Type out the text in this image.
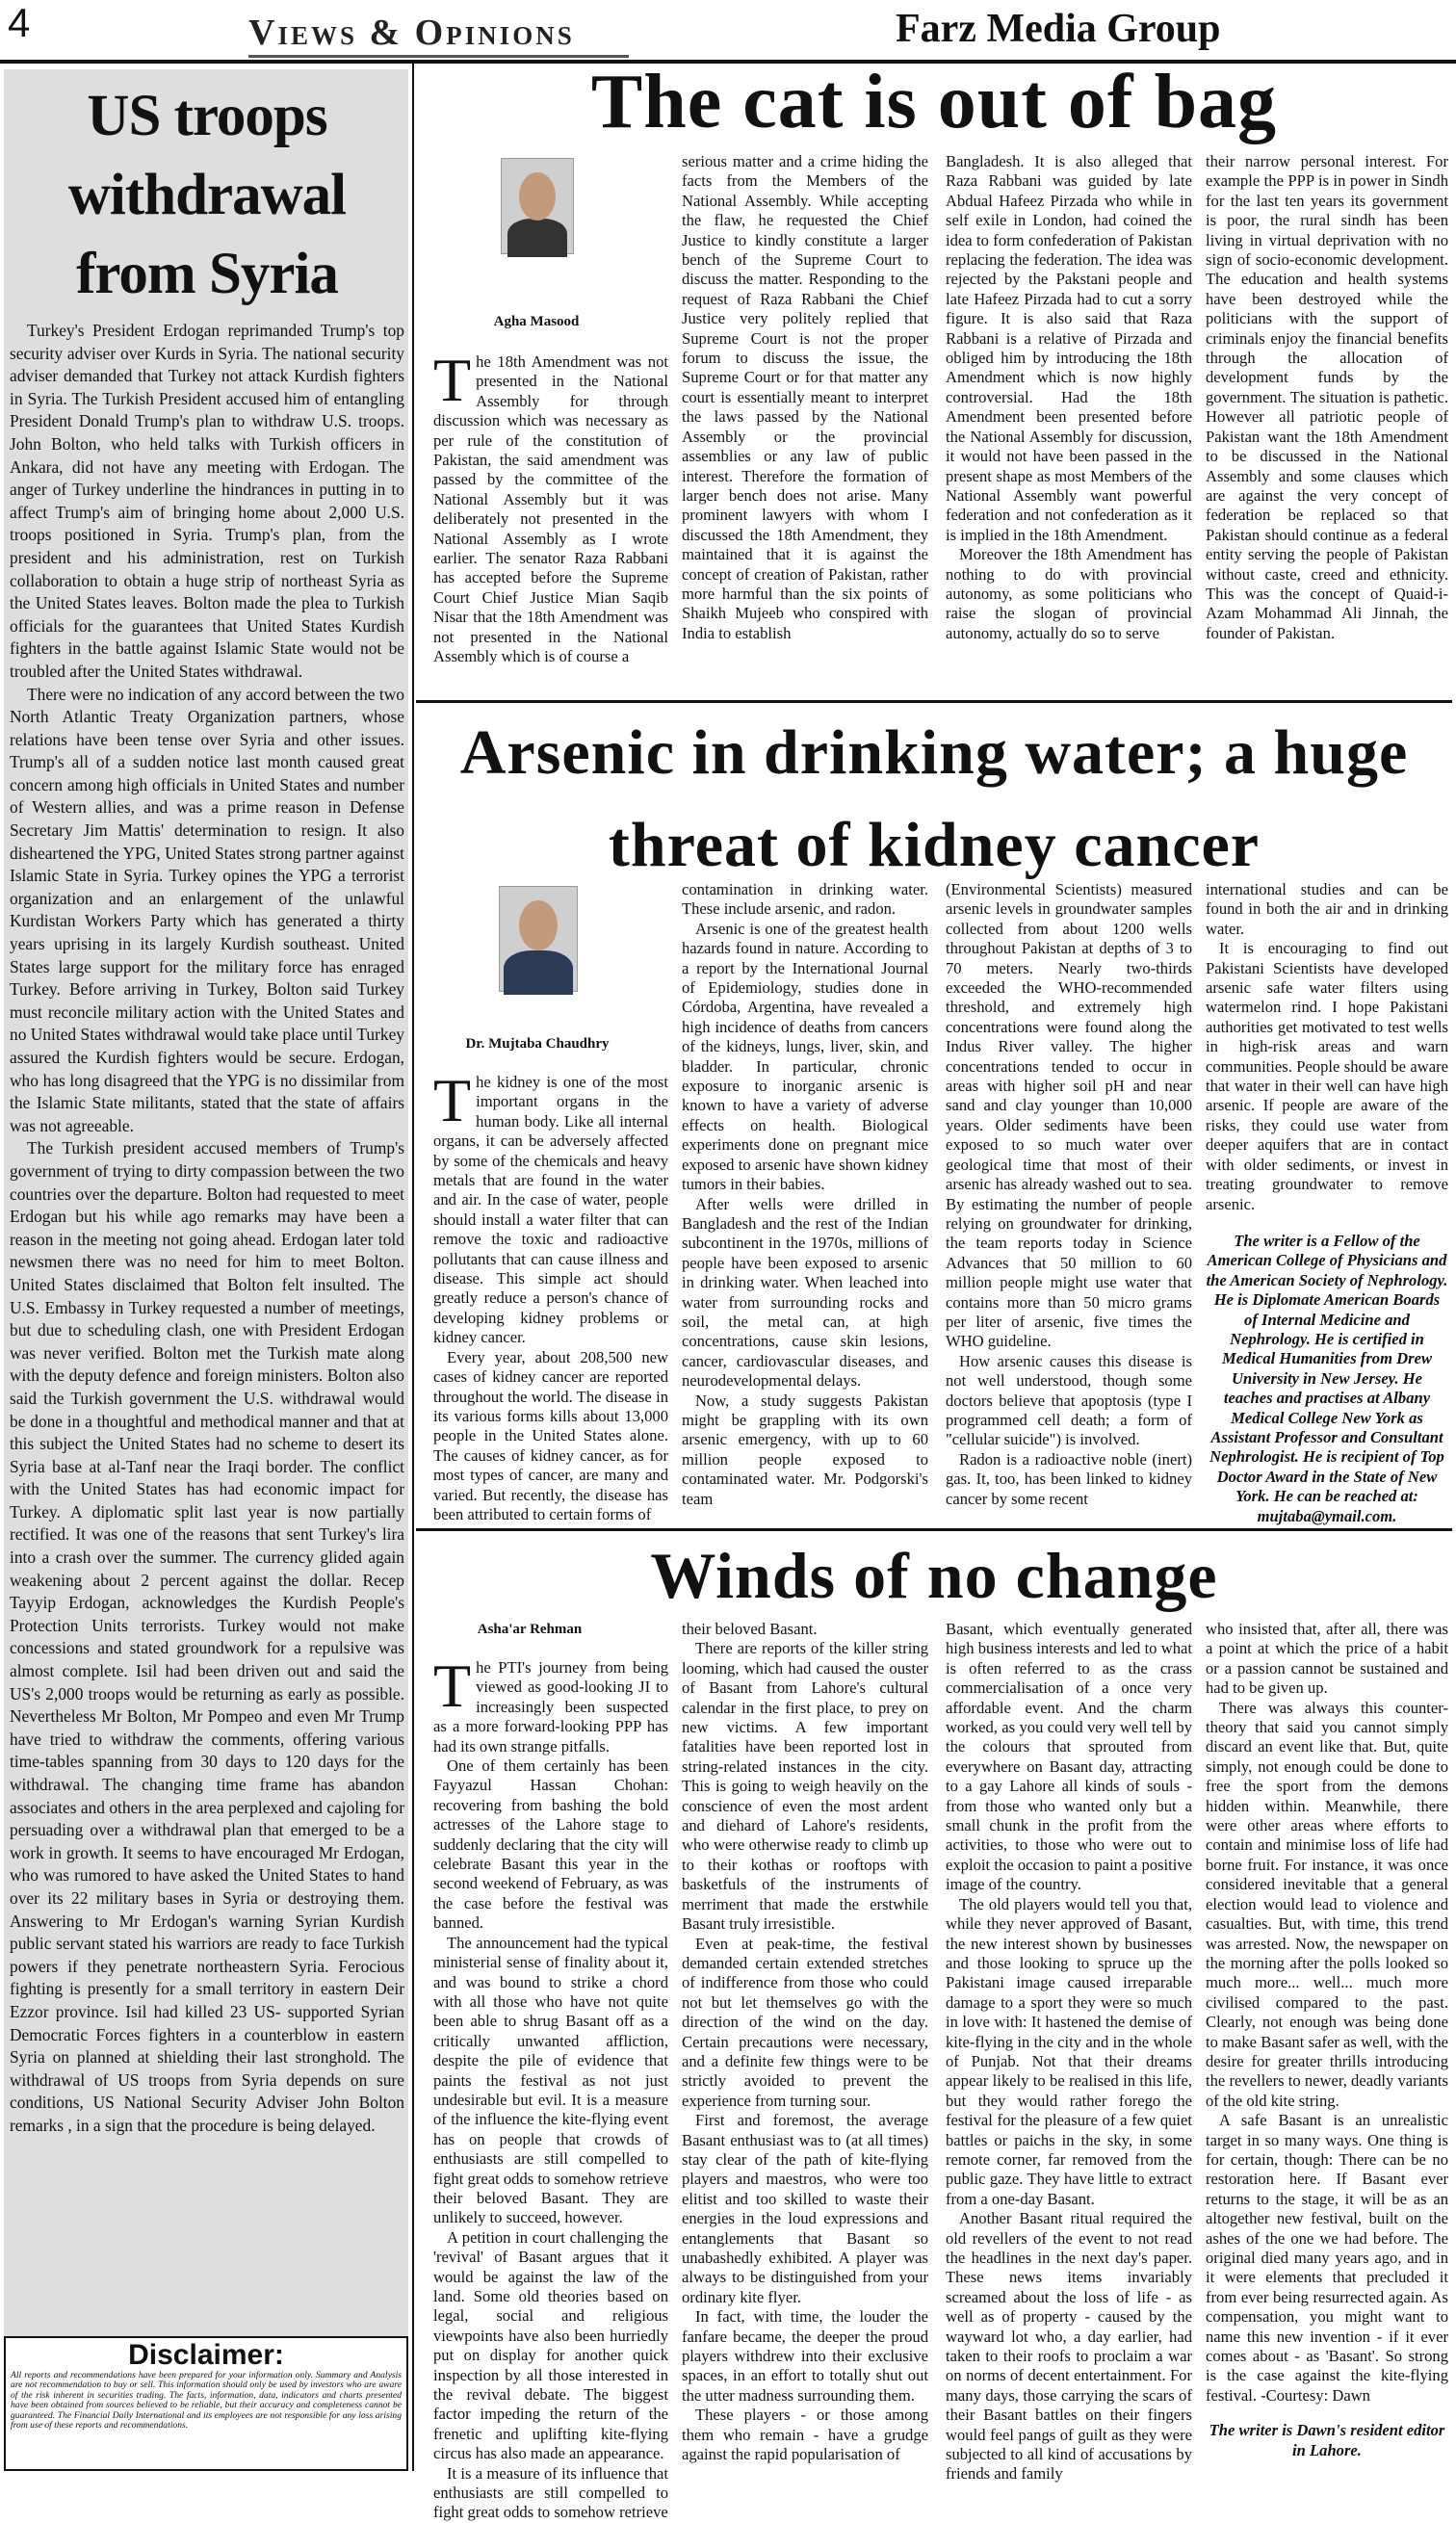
4	Views & Opinions	Farz Media Group
US troops withdrawal from Syria

Turkey's President Erdogan reprimanded Trump's top security adviser over Kurds in Syria. The national security adviser demanded that Turkey not attack Kurdish fighters in Syria. The Turkish President accused him of entangling President Donald Trump's plan to withdraw U.S. troops. John Bolton, who held talks with Turkish officers in Ankara, did not have any meeting with Erdogan. The anger of Turkey underline the hindrances in putting in to affect Trump's aim of bringing home about 2,000 U.S. troops positioned in Syria. Trump's plan, from the president and his administration, rest on Turkish collaboration to obtain a huge strip of northeast Syria as the United States leaves. Bolton made the plea to Turkish officials for the guarantees that United States Kurdish fighters in the battle against Islamic State would not be troubled after the United States withdrawal.

There were no indication of any accord between the two North Atlantic Treaty Organization partners, whose relations have been tense over Syria and other issues. Trump's all of a sudden notice last month caused great concern among high officials in United States and number of Western allies, and was a prime reason in Defense Secretary Jim Mattis' determination to resign. It also disheartened the YPG, United States strong partner against Islamic State in Syria. Turkey opines the YPG a terrorist organization and an enlargement of the unlawful Kurdistan Workers Party which has generated a thirty years uprising in its largely Kurdish southeast. United States large support for the military force has enraged Turkey. Before arriving in Turkey, Bolton said Turkey must reconcile military action with the United States and no United States withdrawal would take place until Turkey assured the Kurdish fighters would be secure. Erdogan, who has long disagreed that the YPG is no dissimilar from the Islamic State militants, stated that the state of affairs was not agreeable.

The Turkish president accused members of Trump's government of trying to dirty compassion between the two countries over the departure. Bolton had requested to meet Erdogan but his while ago remarks may have been a reason in the meeting not going ahead. Erdogan later told newsmen there was no need for him to meet Bolton. United States disclaimed that Bolton felt insulted. The U.S. Embassy in Turkey requested a number of meetings, but due to scheduling clash, one with President Erdogan was never verified. Bolton met the Turkish mate along with the deputy defence and foreign ministers. Bolton also said the Turkish government the U.S. withdrawal would be done in a thoughtful and methodical manner and that at this subject the United States had no scheme to desert its Syria base at al-Tanf near the Iraqi border. The conflict with the United States has had economic impact for Turkey. A diplomatic split last year is now partially rectified. It was one of the reasons that sent Turkey's lira into a crash over the summer. The currency glided again weakening about 2 percent against the dollar. Recep Tayyip Erdogan, acknowledges the Kurdish People's Protection Units terrorists. Turkey would not make concessions and stated groundwork for a repulsive was almost complete. Isil had been driven out and said the US's 2,000 troops would be returning as early as possible. Nevertheless Mr Bolton, Mr Pompeo and even Mr Trump have tried to withdraw the comments, offering various time-tables spanning from 30 days to 120 days for the withdrawal. The changing time frame has abandon associates and others in the area perplexed and cajoling for persuading over a withdrawal plan that emerged to be a work in growth. It seems to have encouraged Mr Erdogan, who was rumored to have asked the United States to hand over its 22 military bases in Syria or destroying them. Answering to Mr Erdogan's warning Syrian Kurdish public servant stated his warriors are ready to face Turkish powers if they penetrate northeastern Syria. Ferocious fighting is presently for a small territory in eastern Deir Ezzor province. Isil had killed 23 US- supported Syrian Democratic Forces fighters in a counterblow in eastern Syria on planned at shielding their last stronghold. The withdrawal of US troops from Syria depends on sure conditions, US National Security Adviser John Bolton remarks , in a sign that the procedure is being delayed.

Disclaimer:
All reports and recommendations have been prepared for your information only. Summary and Analysis are not recommendation to buy or sell. This information should only be used by investors who are aware of the risk inherent in securities trading. The facts, information, data, indicators and charts presented have been obtained from sources believed to be reliable, but their accuracy and completeness cannot be guaranteed. The Financial Daily International and its employees are not responsible for any loss arising from use of these reports and recommendations.
The cat is out of bag
Agha Masood

The 18th Amendment was not presented in the National Assembly for through discussion which was necessary as per rule of the constitution of Pakistan, the said amendment was passed by the committee of the National Assembly but it was deliberately not presented in the National Assembly as I wrote earlier. The senator Raza Rabbani has accepted before the Supreme Court Chief Justice Mian Saqib Nisar that the 18th Amendment was not presented in the National Assembly which is of course a

serious matter and a crime hiding the facts from the Members of the National Assembly. While accepting the flaw, he requested the Chief Justice to kindly constitute a larger bench of the Supreme Court to discuss the matter. Responding to the request of Raza Rabbani the Chief Justice very politely replied that Supreme Court is not the proper forum to discuss the issue, the Supreme Court or for that matter any court is essentially meant to interpret the laws passed by the National Assembly or the provincial assemblies or any law of public interest. Therefore the formation of larger bench does not arise. Many prominent lawyers with whom I discussed the 18th Amendment, they maintained that it is against the concept of creation of Pakistan, rather more harmful than the six points of Shaikh Mujeeb who conspired with India to establish

Bangladesh. It is also alleged that Raza Rabbani was guided by late Abdual Hafeez Pirzada who while in self exile in London, had coined the idea to form confederation of Pakistan replacing the federation. The idea was rejected by the Pakstani people and late Hafeez Pirzada had to cut a sorry figure. It is also said that Raza Rabbani is a relative of Pirzada and obliged him by introducing the 18th Amendment which is now highly controversial. Had the 18th Amendment been presented before the National Assembly for discussion, it would not have been passed in the present shape as most Members of the National Assembly want powerful federation and not confederation as it is implied in the 18th Amendment.

Moreover the 18th Amendment has nothing to do with provincial autonomy, as some politicians who raise the slogan of provincial autonomy, actually do so to serve

their narrow personal interest. For example the PPP is in power in Sindh for the last ten years its government is poor, the rural sindh has been living in virtual deprivation with no sign of socio-economic development. The education and health systems have been destroyed while the politicians with the support of criminals enjoy the financial benefits through the allocation of development funds by the government. The situation is pathetic. However all patriotic people of Pakistan want the 18th Amendment to be discussed in the National Assembly and some clauses which are against the very concept of federation be replaced so that Pakistan should continue as a federal entity serving the people of Pakistan without caste, creed and ethnicity. This was the concept of Quaid-i-Azam Mohammad Ali Jinnah, the founder of Pakistan.

Arsenic in drinking water; a huge threat of kidney cancer
Dr. Mujtaba Chaudhry

The kidney is one of the most important organs in the human body. Like all internal organs, it can be adversely affected by some of the chemicals and heavy metals that are found in the water and air. In the case of water, people should install a water filter that can remove the toxic and radioactive pollutants that can cause illness and disease. This simple act should greatly reduce a person's chance of developing kidney problems or kidney cancer.

Every year, about 208,500 new cases of kidney cancer are reported throughout the world. The disease in its various forms kills about 13,000 people in the United States alone. The causes of kidney cancer, as for most types of cancer, are many and varied. But recently, the disease has been attributed to certain forms of

contamination in drinking water. These include arsenic, and radon.

Arsenic is one of the greatest health hazards found in nature. According to a report by the International Journal of Epidemiology, studies done in Córdoba, Argentina, have revealed a high incidence of deaths from cancers of the kidneys, lungs, liver, skin, and bladder. In particular, chronic exposure to inorganic arsenic is known to have a variety of adverse effects on health. Biological experiments done on pregnant mice exposed to arsenic have shown kidney tumors in their babies.

After wells were drilled in Bangladesh and the rest of the Indian subcontinent in the 1970s, millions of people have been exposed to arsenic in drinking water. When leached into water from surrounding rocks and soil, the metal can, at high concentrations, cause skin lesions, cancer, cardiovascular diseases, and neurodevelopmental delays.

Now, a study suggests Pakistan might be grappling with its own arsenic emergency, with up to 60 million people exposed to contaminated water. Mr. Podgorski's team

(Environmental Scientists) measured arsenic levels in groundwater samples collected from about 1200 wells throughout Pakistan at depths of 3 to 70 meters. Nearly two-thirds exceeded the WHO-recommended threshold, and extremely high concentrations were found along the Indus River valley. The higher concentrations tended to occur in areas with higher soil pH and near sand and clay younger than 10,000 years. Older sediments have been exposed to so much water over geological time that most of their arsenic has already washed out to sea. By estimating the number of people relying on groundwater for drinking, the team reports today in Science Advances that 50 million to 60 million people might use water that contains more than 50 micro grams per liter of arsenic, five times the WHO guideline.

How arsenic causes this disease is not well understood, though some doctors believe that apoptosis (type I programmed cell death; a form of "cellular suicide") is involved.

Radon is a radioactive noble (inert) gas. It, too, has been linked to kidney cancer by some recent

international studies and can be found in both the air and in drinking water.

It is encouraging to find out Pakistani Scientists have developed arsenic safe water filters using watermelon rind. I hope Pakistani authorities get motivated to test wells in high-risk areas and warn communities. People should be aware that water in their well can have high arsenic. If people are aware of the risks, they could use water from deeper aquifers that are in contact with older sediments, or invest in treating groundwater to remove arsenic.

The writer is a Fellow of the American College of Physicians and the American Society of Nephrology. He is Diplomate American Boards of Internal Medicine and Nephrology. He is certified in Medical Humanities from Drew University in New Jersey. He teaches and practises at Albany Medical College New York as Assistant Professor and Consultant Nephrologist. He is recipient of Top Doctor Award in the State of New York. He can be reached at: mujtaba@ymail.com.

Winds of no change
Asha'ar Rehman

The PTI's journey from being viewed as good-looking JI to increasingly been suspected as a more forward-looking PPP has had its own strange pitfalls.

One of them certainly has been Fayyazul Hassan Chohan: recovering from bashing the bold actresses of the Lahore stage to suddenly declaring that the city will celebrate Basant this year in the second weekend of February, as was the case before the festival was banned.

The announcement had the typical ministerial sense of finality about it, and was bound to strike a chord with all those who have not quite been able to shrug Basant off as a critically unwanted affliction, despite the pile of evidence that paints the festival as not just undesirable but evil. It is a measure of the influence the kite-flying event has on people that crowds of enthusiasts are still compelled to fight great odds to somehow retrieve their beloved Basant. They are unlikely to succeed, however.

A petition in court challenging the 'revival' of Basant argues that it would be against the law of the land. Some old theories based on legal, social and religious viewpoints have also been hurriedly put on display for another quick inspection by all those interested in the revival debate. The biggest factor impeding the return of the frenetic and uplifting kite-flying circus has also made an appearance.

It is a measure of its influence that enthusiasts are still compelled to fight great odds to somehow retrieve

their beloved Basant.

There are reports of the killer string looming, which had caused the ouster of Basant from Lahore's cultural calendar in the first place, to prey on new victims. A few important fatalities have been reported lost in string-related instances in the city. This is going to weigh heavily on the conscience of even the most ardent and diehard of Lahore's residents, who were otherwise ready to climb up to their kothas or rooftops with basketfuls of the instruments of merriment that made the erstwhile Basant truly irresistible.

Even at peak-time, the festival demanded certain extended stretches of indifference from those who could not but let themselves go with the direction of the wind on the day. Certain precautions were necessary, and a definite few things were to be strictly avoided to prevent the experience from turning sour.

First and foremost, the average Basant enthusiast was to (at all times) stay clear of the path of kite-flying players and maestros, who were too elitist and too skilled to waste their energies in the loud expressions and entanglements that Basant so unabashedly exhibited. A player was always to be distinguished from your ordinary kite flyer.

In fact, with time, the louder the fanfare became, the deeper the proud players withdrew into their exclusive spaces, in an effort to totally shut out the utter madness surrounding them.

These players - or those among them who remain - have a grudge against the rapid popularisation of

Basant, which eventually generated high business interests and led to what is often referred to as the crass commercialisation of a once very affordable event. And the charm worked, as you could very well tell by the colours that sprouted from everywhere on Basant day, attracting to a gay Lahore all kinds of souls - from those who wanted only but a small chunk in the profit from the activities, to those who were out to exploit the occasion to paint a positive image of the country.

The old players would tell you that, while they never approved of Basant, the new interest shown by businesses and those looking to spruce up the Pakistani image caused irreparable damage to a sport they were so much in love with: It hastened the demise of kite-flying in the city and in the whole of Punjab. Not that their dreams appear likely to be realised in this life, but they would rather forego the festival for the pleasure of a few quiet battles or paichs in the sky, in some remote corner, far removed from the public gaze. They have little to extract from a one-day Basant.

Another Basant ritual required the old revellers of the event to not read the headlines in the next day's paper. These news items invariably screamed about the loss of life - as well as of property - caused by the wayward lot who, a day earlier, had taken to their roofs to proclaim a war on norms of decent entertainment. For many days, those carrying the scars of their Basant battles on their fingers would feel pangs of guilt as they were subjected to all kind of accusations by friends and family

who insisted that, after all, there was a point at which the price of a habit or a passion cannot be sustained and had to be given up.

There was always this counter-theory that said you cannot simply discard an event like that. But, quite simply, not enough could be done to free the sport from the demons hidden within. Meanwhile, there were other areas where efforts to contain and minimise loss of life had borne fruit. For instance, it was once considered inevitable that a general election would lead to violence and casualties. But, with time, this trend was arrested. Now, the newspaper on the morning after the polls looked so much more... well... much more civilised compared to the past. Clearly, not enough was being done to make Basant safer as well, with the desire for greater thrills introducing the revellers to newer, deadly variants of the old kite string.

A safe Basant is an unrealistic target in so many ways. One thing is for certain, though: There can be no restoration here. If Basant ever returns to the stage, it will be as an altogether new festival, built on the ashes of the one we had before. The original died many years ago, and in it were elements that precluded it from ever being resurrected again. As compensation, you might want to name this new invention - if it ever comes about - as 'Basant'. So strong is the case against the kite-flying festival. -Courtesy: Dawn

The writer is Dawn's resident editor in Lahore.
